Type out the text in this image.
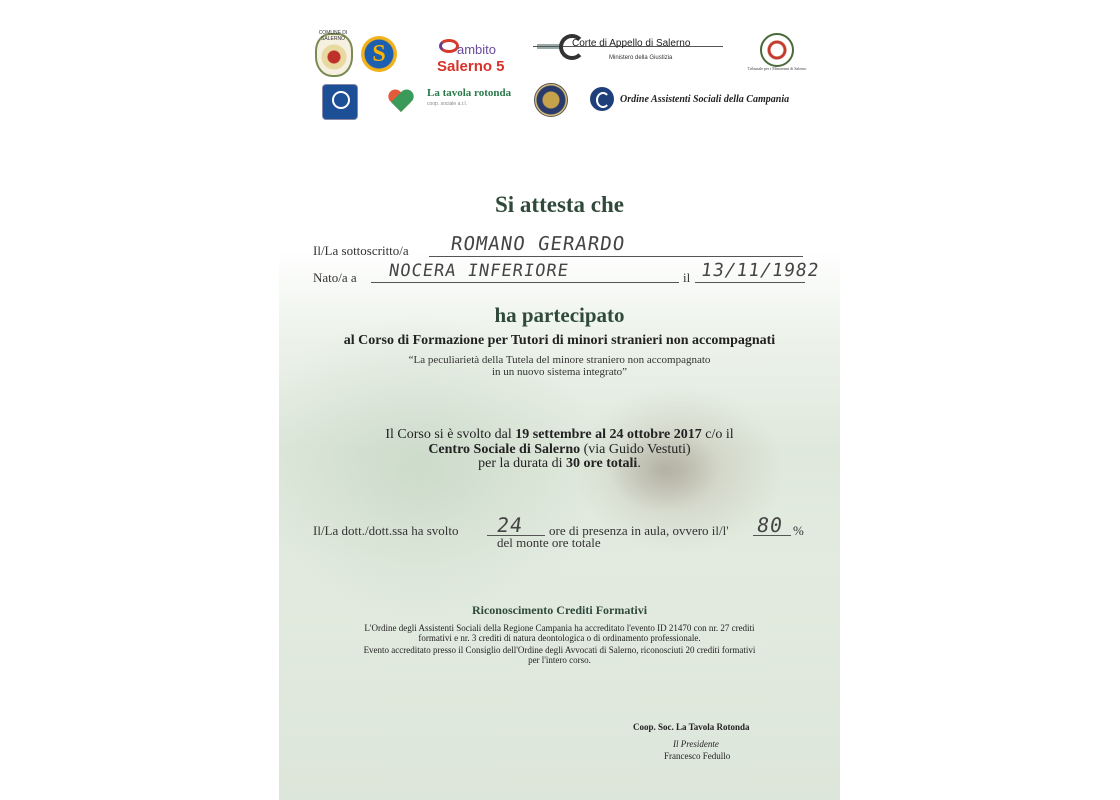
COMUNE DI SALERNO
S	ambito
Salerno 5
Corte di Appello di Salerno
Ministero della Giustizia
Tribunale per i Minorenni di Salerno
La tavola rotonda
coop. sociale a.r.l.	Ordine Assistenti Sociali della Campania
Si attesta che
Il/La sottoscritto/a ROMANO GERARDO
Nato/a a NOCERA INFERIORE	il 13/11/1982
ha partecipato
al Corso di Formazione per Tutori di minori stranieri non accompagnati
“La peculiarietà della Tutela del minore straniero non accompagnato
in un nuovo sistema integrato”
Il Corso si è svolto dal 19 settembre al 24 ottobre 2017 c/o il
Centro Sociale di Salerno (via Guido Vestuti)
per la durata di 30 ore totali.
Il/La dott./dott.ssa ha svolto 24 ore di presenza in aula, ovvero il/l' 80 %
del monte ore totale
Riconoscimento Crediti Formativi
L'Ordine degli Assistenti Sociali della Regione Campania ha accreditato l'evento ID 21470 con nr. 27 crediti
formativi e nr. 3 crediti di natura deontologica o di ordinamento professionale.
Evento accreditato presso il Consiglio dell'Ordine degli Avvocati di Salerno, riconosciuti 20 crediti formativi
per l'intero corso.
Coop. Soc. La Tavola Rotonda
Il Presidente
Francesco Fedullo
